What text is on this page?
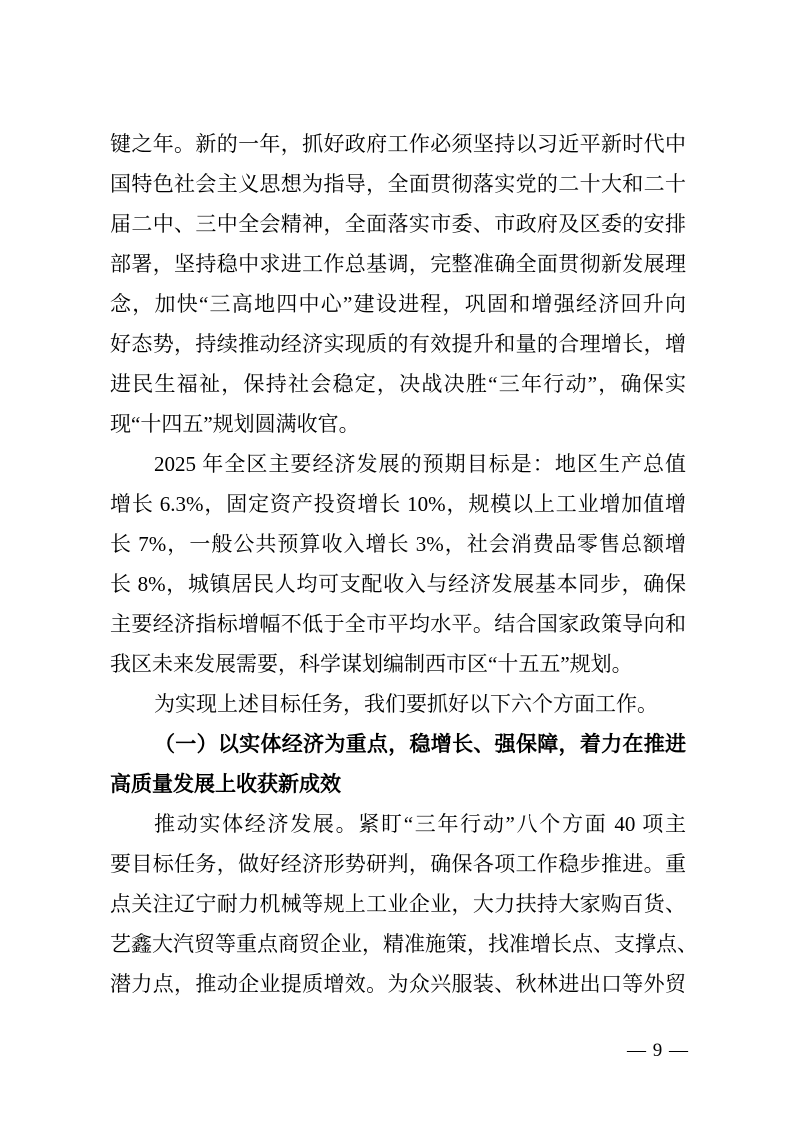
键之年。新的一年，抓好政府工作必须坚持以习近平新时代中
国特色社会主义思想为指导，全面贯彻落实党的二十大和二十
届二中、三中全会精神，全面落实市委、市政府及区委的安排
部署，坚持稳中求进工作总基调，完整准确全面贯彻新发展理
念，加快“三高地四中心”建设进程，巩固和增强经济回升向
好态势，持续推动经济实现质的有效提升和量的合理增长，增
进民生福祉，保持社会稳定，决战决胜“三年行动”，确保实
现“十四五”规划圆满收官。
2025 年全区主要经济发展的预期目标是：地区生产总值
增长 6.3%，固定资产投资增长 10%，规模以上工业增加值增
长 7%，一般公共预算收入增长 3%，社会消费品零售总额增
长 8%，城镇居民人均可支配收入与经济发展基本同步，确保
主要经济指标增幅不低于全市平均水平。结合国家政策导向和
我区未来发展需要，科学谋划编制西市区“十五五”规划。
为实现上述目标任务，我们要抓好以下六个方面工作。
（一）以实体经济为重点，稳增长、强保障，着力在推进
高质量发展上收获新成效
推动实体经济发展。紧盯“三年行动”八个方面 40 项主
要目标任务，做好经济形势研判，确保各项工作稳步推进。重
点关注辽宁耐力机械等规上工业企业，大力扶持大家购百货、
艺鑫大汽贸等重点商贸企业，精准施策，找准增长点、支撑点、
潜力点，推动企业提质增效。为众兴服装、秋林进出口等外贸
— 9 —
